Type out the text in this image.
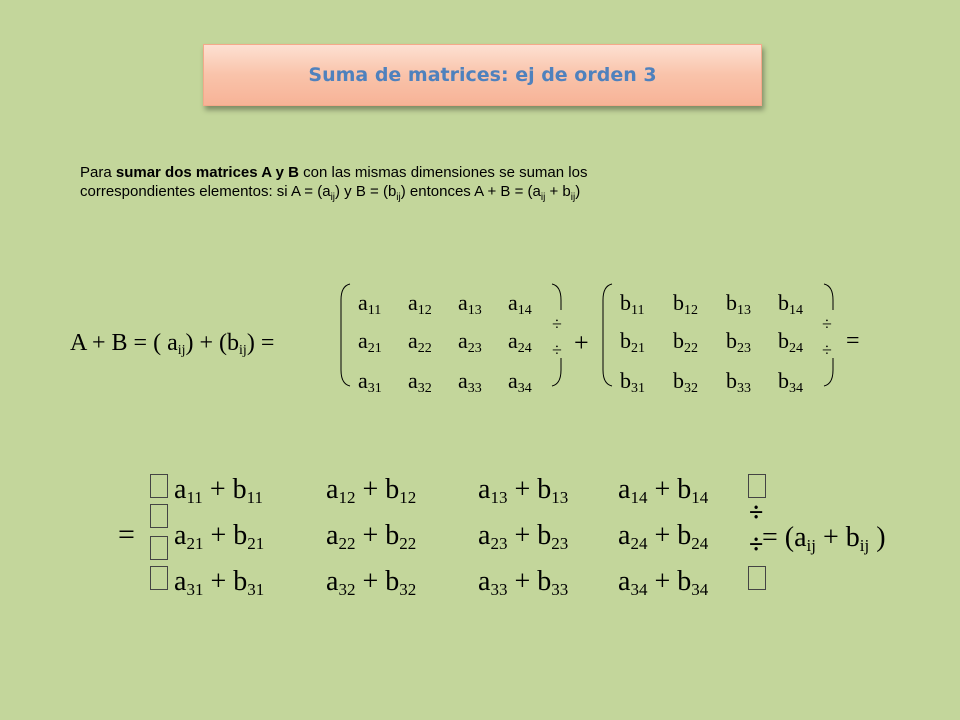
Suma de matrices: ej de orden 3
Para sumar dos matrices A y B con las mismas dimensiones se suman los
correspondientes elementos: si $A = (a_{ij})$ y $B = (b_{ij})$ entonces $A + B = (a_{ij} + b_{ij})$
A + B = ( $a_{ij}) + (b_{ij})$ =
$a_{11}$ $a_{12}$ $a_{13}$ $a_{14}$
$a_{21}$ $a_{22}$ $a_{23}$ $a_{24}$
$a_{31}$ $a_{32}$ $a_{33}$ $a_{34}$
÷
÷ +
$b_{11}$ $b_{12}$ $b_{13}$ $b_{14}$
$b_{21}$ $b_{22}$ $b_{23}$ $b_{24}$
$b_{31}$ $b_{32}$ $b_{33}$ $b_{34}$
÷
÷ =
=
$a_{11} + b_{11}$ $a_{12} + b_{12}$ $a_{13} + b_{13}$ $a_{14} + b_{14}$
$a_{21} + b_{21}$ $a_{22} + b_{22}$ $a_{23} + b_{23}$ $a_{24} + b_{24}$
$a_{31} + b_{31}$ $a_{32} + b_{32}$ $a_{33} + b_{33}$ $a_{34} + b_{34}$
÷
÷
= ($a_{ij} + b_{ij}$ )
